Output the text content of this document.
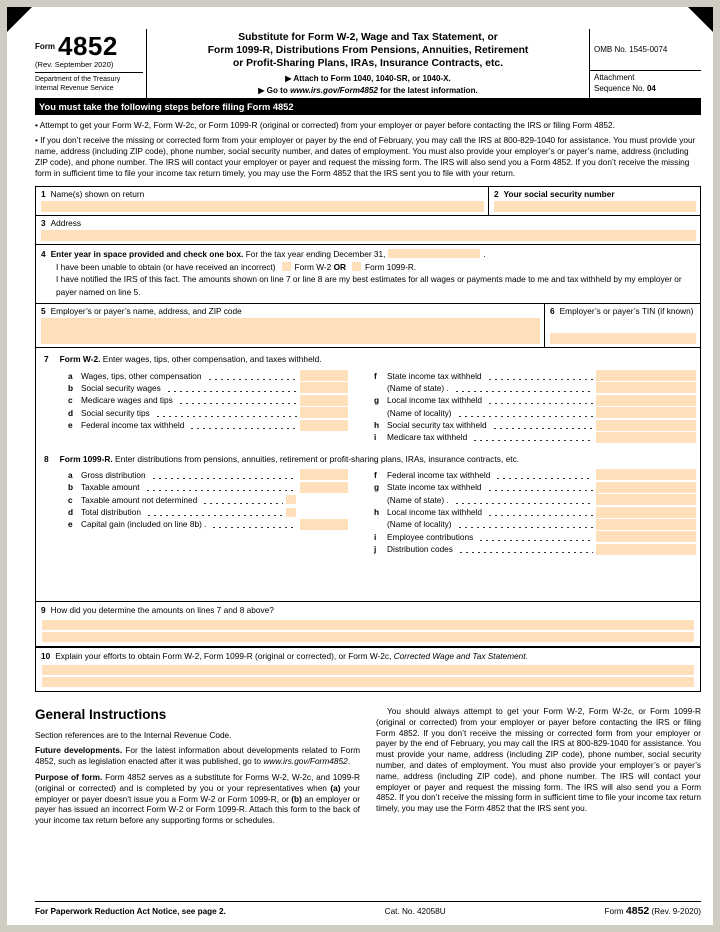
Form 4852
(Rev. September 2020)
Department of the Treasury
Internal Revenue Service
Substitute for Form W-2, Wage and Tax Statement, or
Form 1099-R, Distributions From Pensions, Annuities, Retirement
or Profit-Sharing Plans, IRAs, Insurance Contracts, etc.
▶ Attach to Form 1040, 1040-SR, or 1040-X.
▶ Go to www.irs.gov/Form4852 for the latest information.
OMB No. 1545-0074
Attachment
Sequence No. 04
You must take the following steps before filing Form 4852

• Attempt to get your Form W-2, Form W-2c, or Form 1099-R (original or corrected) from your employer or payer before contacting the IRS or filing Form 4852.

• If you don’t receive the missing or corrected form from your employer or payer by the end of February, you may call the IRS at 800-829-1040 for assistance. You must provide your name, address (including ZIP code), phone number, social security number, and dates of employment. You must also provide your employer’s or payer’s name, address (including ZIP code), and phone number. The IRS will contact your employer or payer and request the missing form. The IRS will also send you a Form 4852. If you don’t receive the missing form in sufficient time to file your income tax return timely, you may use the Form 4852 that the IRS sent you to file with your return.

1 Name(s) shown on return	2 Your social security number
3 Address
4 Enter year in space provided and check one box. For the tax year ending December 31,	.
I have been unable to obtain (or have received an incorrect) Form W-2 OR Form 1099-R.
I have notified the IRS of this fact. The amounts shown on line 7 or line 8 are my best estimates for all wages or payments made to me and tax withheld by my employer or payer named on line 5.
5 Employer’s or payer’s name, address, and ZIP code	6 Employer’s or payer’s TIN (if known)
7 Form W-2. Enter wages, tips, other compensation, and taxes withheld.
a	Wages, tips, other compensation
b Social security wages
c	Medicare wages and tips
d Social security tips
e	Federal income tax withheld
f	State income tax withheld
(Name of state) .
g Local income tax withheld
(Name of locality)
h Social security tax withheld
i	Medicare tax withheld
8 Form 1099-R. Enter distributions from pensions, annuities, retirement or profit-sharing plans, IRAs, insurance contracts, etc.
a	Gross distribution
b Taxable amount
c	Taxable amount not determined
d Total distribution
e	Capital gain (included on line 8b) .
f	Federal income tax withheld
g State income tax withheld
(Name of state) .
h Local income tax withheld
(Name of locality)
i	Employee contributions
j	Distribution codes
9 How did you determine the amounts on lines 7 and 8 above?
10 Explain your efforts to obtain Form W-2, Form 1099-R (original or corrected), or Form W-2c, Corrected Wage and Tax Statement.
General Instructions

Section references are to the Internal Revenue Code.

Future developments. For the latest information about developments related to Form 4852, such as legislation enacted after it was published, go to www.irs.gov/Form4852.

Purpose of form. Form 4852 serves as a substitute for Forms W-2, W-2c, and 1099-R (original or corrected) and is completed by you or your representatives when (a) your employer or payer doesn’t issue you a Form W-2 or Form 1099-R, or (b) an employer or payer has issued an incorrect Form W-2 or Form 1099-R. Attach this form to the back of your income tax return before any supporting forms or schedules.

You should always attempt to get your Form W-2, Form W-2c, or Form 1099-R (original or corrected) from your employer or payer before contacting the IRS or filing Form 4852. If you don’t receive the missing or corrected form from your employer or payer by the end of February, you may call the IRS at 800-829-1040 for assistance. You must provide your name, address (including ZIP code), phone number, social security number, and dates of employment. You must also provide your employer’s or payer’s name, address (including ZIP code), and phone number. The IRS will contact your employer or payer and request the missing form. The IRS will also send you a Form 4852. If you don’t receive the missing form in sufficient time to file your income tax return timely, you may use the Form 4852 that the IRS sent you.

For Paperwork Reduction Act Notice, see page 2.	Cat. No. 42058U	Form 4852 (Rev. 9-2020)
